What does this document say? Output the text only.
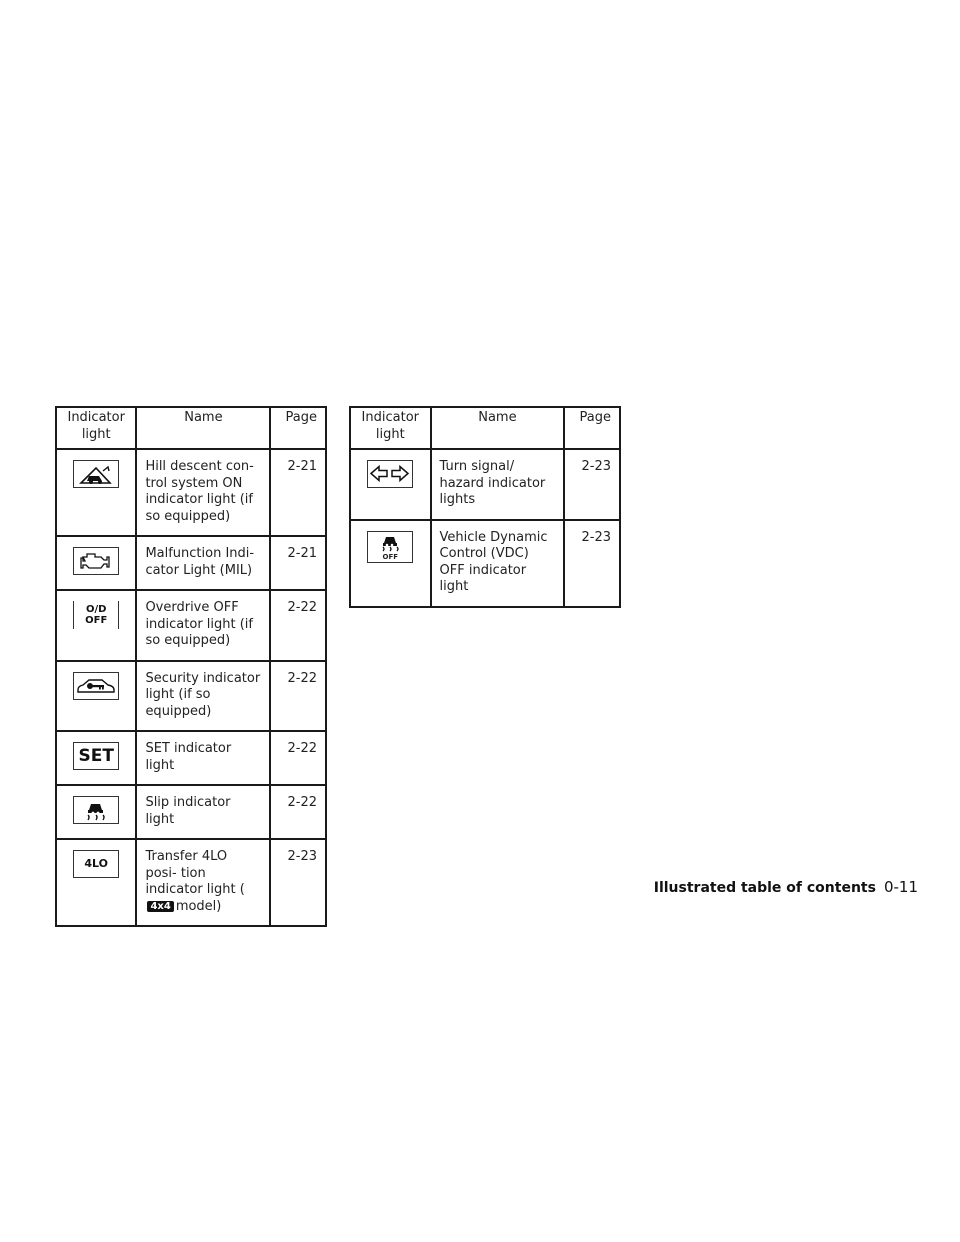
Indicator light	Name	Page

	Hill descent con- trol system ON indicator light (if so equipped)	2-21

	Malfunction Indi- cator Light (MIL)	2-21

O/D OFF	Overdrive OFF indicator light (if so equipped)	2-22

	Security indicator light (if so equipped)	2-22

SET	SET indicator light	2-22

	Slip indicator light	2-22

4LO	Transfer 4LO posi- tion indicator light (4x4 model)	2-23
Indicator light	Name	Page

	Turn signal/ hazard indicator lights	2-23

OFF	Vehicle Dynamic Control (VDC) OFF indicator light	2-23
Illustrated table of contents 0-11
